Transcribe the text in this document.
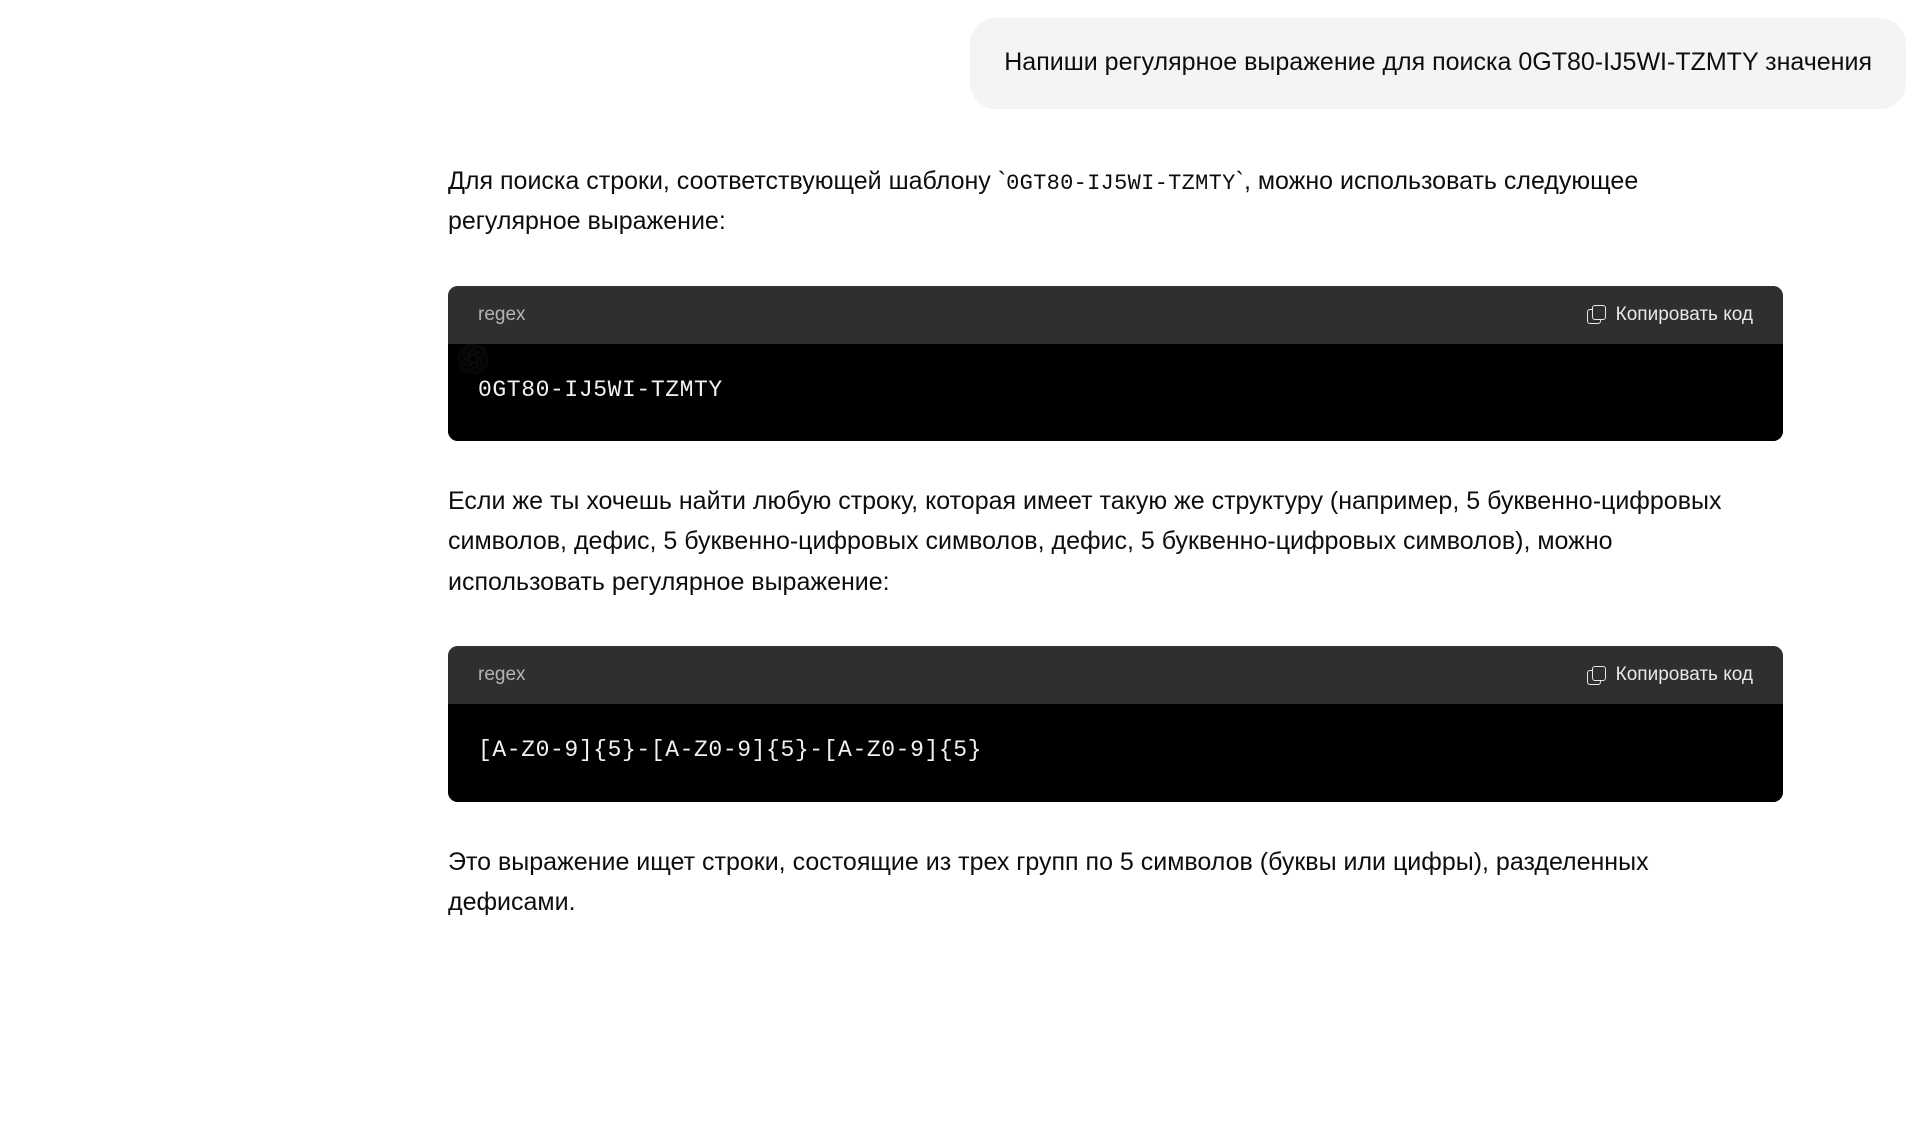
Напиши регулярное выражение для поиска 0GT80-IJ5WI-TZMTY значения

Для поиска строки, соответствующей шаблону `0GT80-IJ5WI-TZMTY`, можно использовать следующее регулярное выражение:

regex	Копировать код
0GT80-IJ5WI-TZMTY

Если же ты хочешь найти любую строку, которая имеет такую же структуру (например, 5 буквенно-цифровых символов, дефис, 5 буквенно-цифровых символов, дефис, 5 буквенно-цифровых символов), можно использовать регулярное выражение:

regex	Копировать код
[A-Z0-9]{5}-[A-Z0-9]{5}-[A-Z0-9]{5}

Это выражение ищет строки, состоящие из трех групп по 5 символов (буквы или цифры), разделенных дефисами.
